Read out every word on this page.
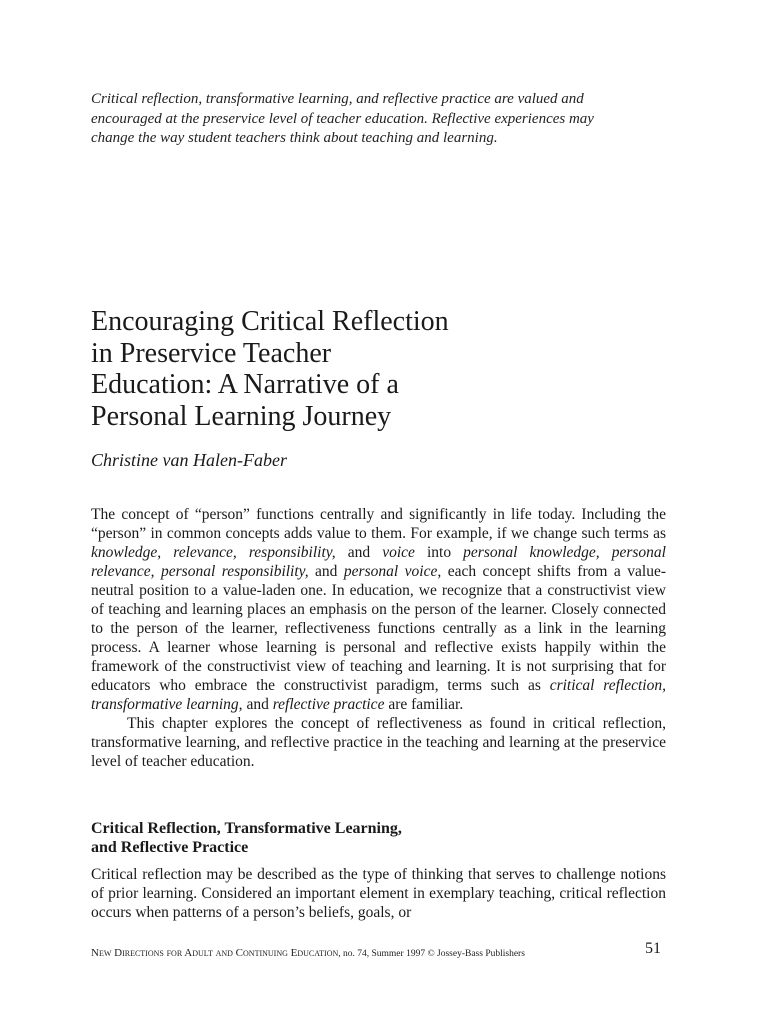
Critical reflection, transformative learning, and reflective practice are valued and encouraged at the preservice level of teacher education. Reflective experiences may change the way student teachers think about teaching and learning.
Encouraging Critical Reflection
in Preservice Teacher
Education: A Narrative of a
Personal Learning Journey
Christine van Halen-Faber

The concept of “person” functions centrally and significantly in life today. Including the “person” in common concepts adds value to them. For example, if we change such terms as knowledge, relevance, responsibility, and voice into personal knowledge, personal relevance, personal responsibility, and personal voice, each concept shifts from a value-neutral position to a value-laden one. In education, we recognize that a constructivist view of teaching and learning places an emphasis on the person of the learner. Closely connected to the person of the learner, reflectiveness functions centrally as a link in the learning process. A learner whose learning is personal and reflective exists happily within the framework of the constructivist view of teaching and learning. It is not surprising that for educators who embrace the constructivist paradigm, terms such as critical reflection, transformative learning, and reflective practice are familiar.

This chapter explores the concept of reflectiveness as found in critical reflection, transformative learning, and reflective practice in the teaching and learning at the preservice level of teacher education.

Critical Reflection, Transformative Learning,
and Reflective Practice
Critical reflection may be described as the type of thinking that serves to challenge notions of prior learning. Considered an important element in exemplary teaching, critical reflection occurs when patterns of a person’s beliefs, goals, or
New Directions for Adult and Continuing Education, no. 74, Summer 1997 © Jossey-Bass Publishers	51
